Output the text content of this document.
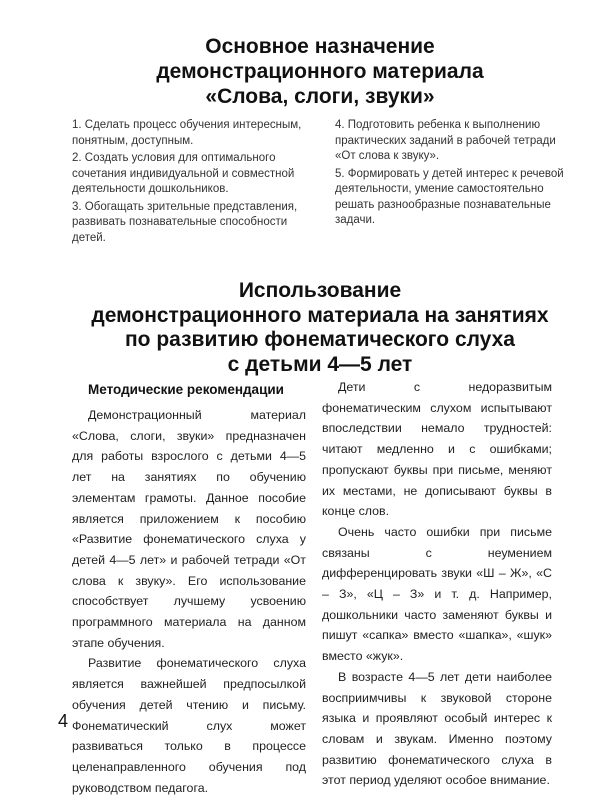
Основное назначение
демонстрационного материала
«Слова, слоги, звуки»

1. Сделать процесс обучения интересным, понятным, доступным.

2. Создать условия для оптимального сочетания индивидуальной и совместной деятельности дошкольников.

3. Обогащать зрительные представления, развивать познавательные способности детей.

4. Подготовить ребенка к выполнению практических заданий в рабочей тетради «От слова к звуку».

5. Формировать у детей интерес к речевой деятельности, умение самостоятельно решать разнообразные познавательные задачи.

Использование
демонстрационного материала на занятиях
по развитию фонематического слуха
с детьми 4—5 лет
Методические рекомендации

Демонстрационный материал «Слова, слоги, звуки» предназначен для работы взрослого с детьми 4—5 лет на занятиях по обучению элементам грамоты. Данное пособие является приложением к пособию «Развитие фонематического слуха у детей 4—5 лет» и рабочей тетради «От слова к звуку». Его использование способствует лучшему усвоению программного материала на данном этапе обучения.

Развитие фонематического слуха является важнейшей предпосылкой обучения детей чтению и письму. Фонематический слух может развиваться только в процессе целенаправленного обучения под руководством педагога.

Дети с недоразвитым фонематическим слухом испытывают впоследствии немало трудностей: читают медленно и с ошибками; пропускают буквы при письме, меняют их местами, не дописывают буквы в конце слов.

Очень часто ошибки при письме связаны с неумением дифференцировать звуки «Ш – Ж», «С – З», «Ц – З» и т. д. Например, дошкольники часто заменяют буквы и пишут «сапка» вместо «шапка», «шук» вместо «жук».

В возрасте 4—5 лет дети наиболее восприимчивы к звуковой стороне языка и проявляют особый интерес к словам и звукам. Именно поэтому развитию фонематического слуха в этот период уделяют особое внимание.

4
